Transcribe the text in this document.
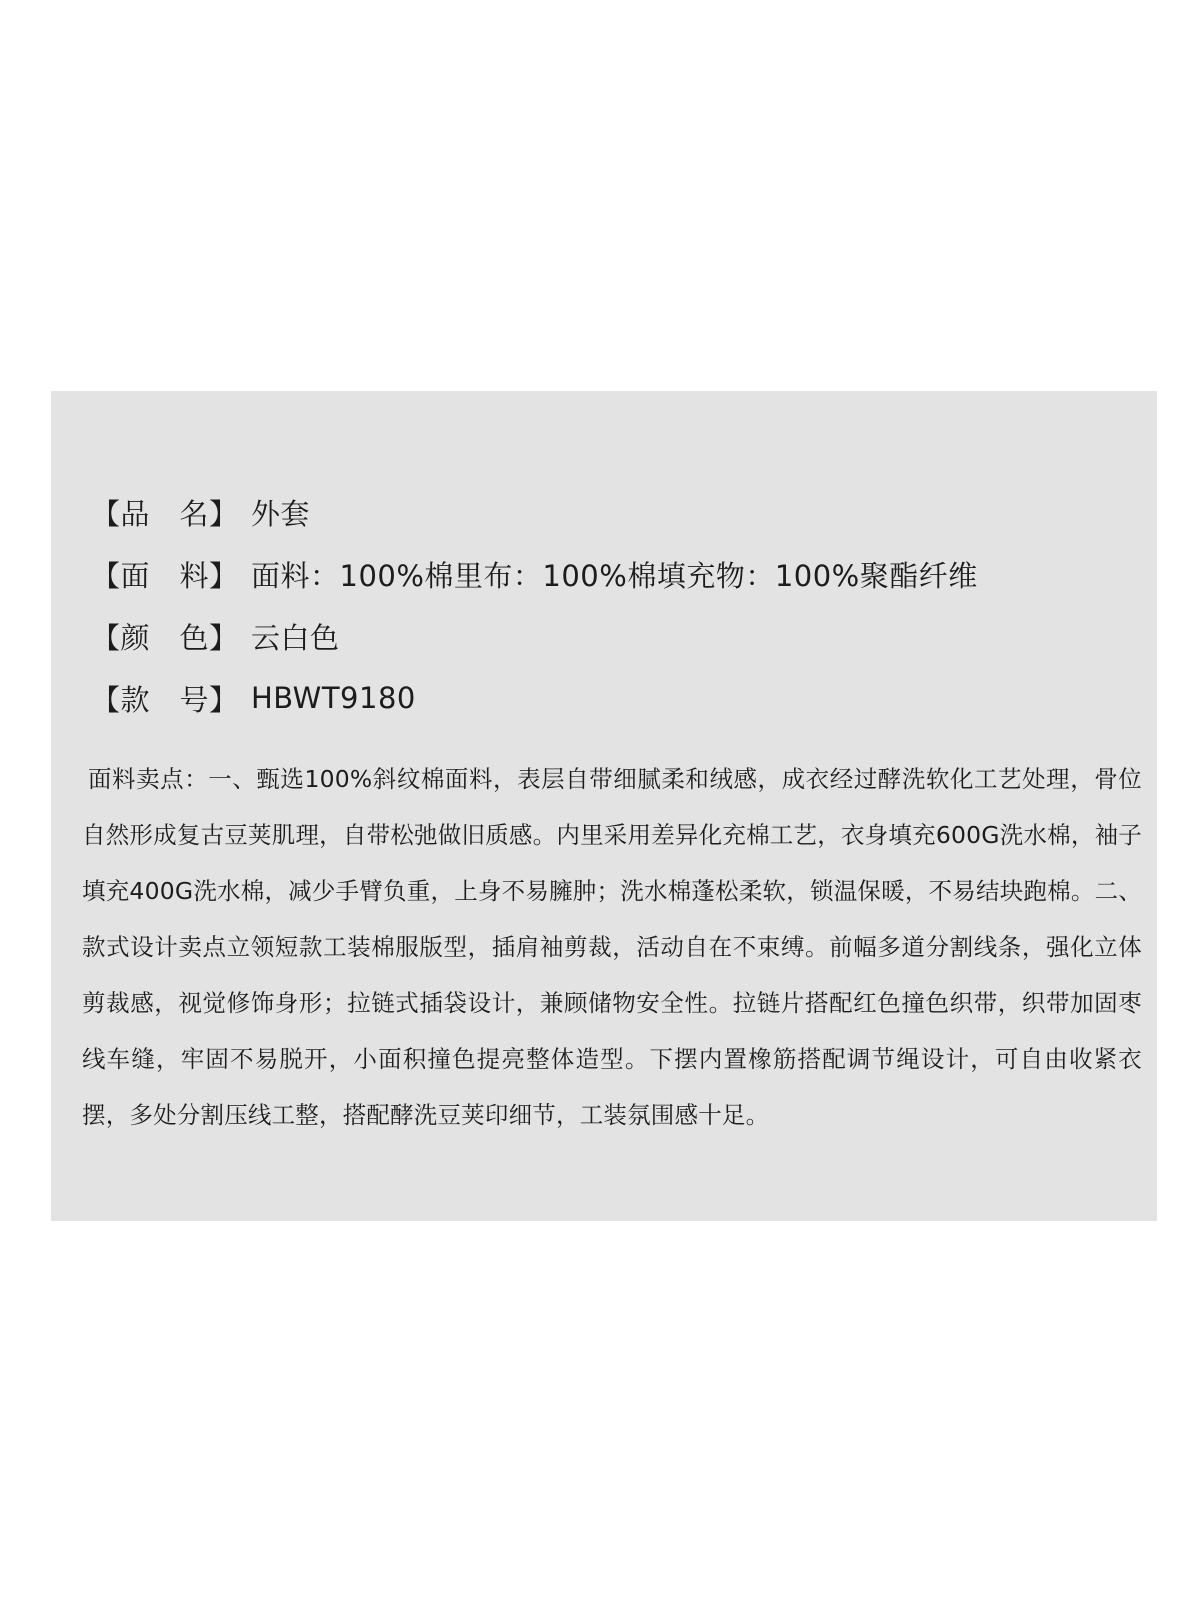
【品　名】 外套
【面　料】 面料：100%棉里布：100%棉填充物：100%聚酯纤维
【颜　色】 云白色
【款　号】 HBWT9180

面料卖点：一、甄选100%斜纹棉面料，表层自带细腻柔和绒感，成衣经过酵洗软化工艺处理，骨位自然形成复古豆荚肌理，自带松弛做旧质感。内里采用差异化充棉工艺，衣身填充600G洗水棉，袖子填充400G洗水棉，减少手臂负重，上身不易臃肿；洗水棉蓬松柔软，锁温保暖，不易结块跑棉。二、款式设计卖点立领短款工装棉服版型，插肩袖剪裁，活动自在不束缚。前幅多道分割线条，强化立体剪裁感，视觉修饰身形；拉链式插袋设计，兼顾储物安全性。拉链片搭配红色撞色织带，织带加固枣线车缝，牢固不易脱开，小面积撞色提亮整体造型。下摆内置橡筋搭配调节绳设计，可自由收紧衣摆，多处分割压线工整，搭配酵洗豆荚印细节，工装氛围感十足。
